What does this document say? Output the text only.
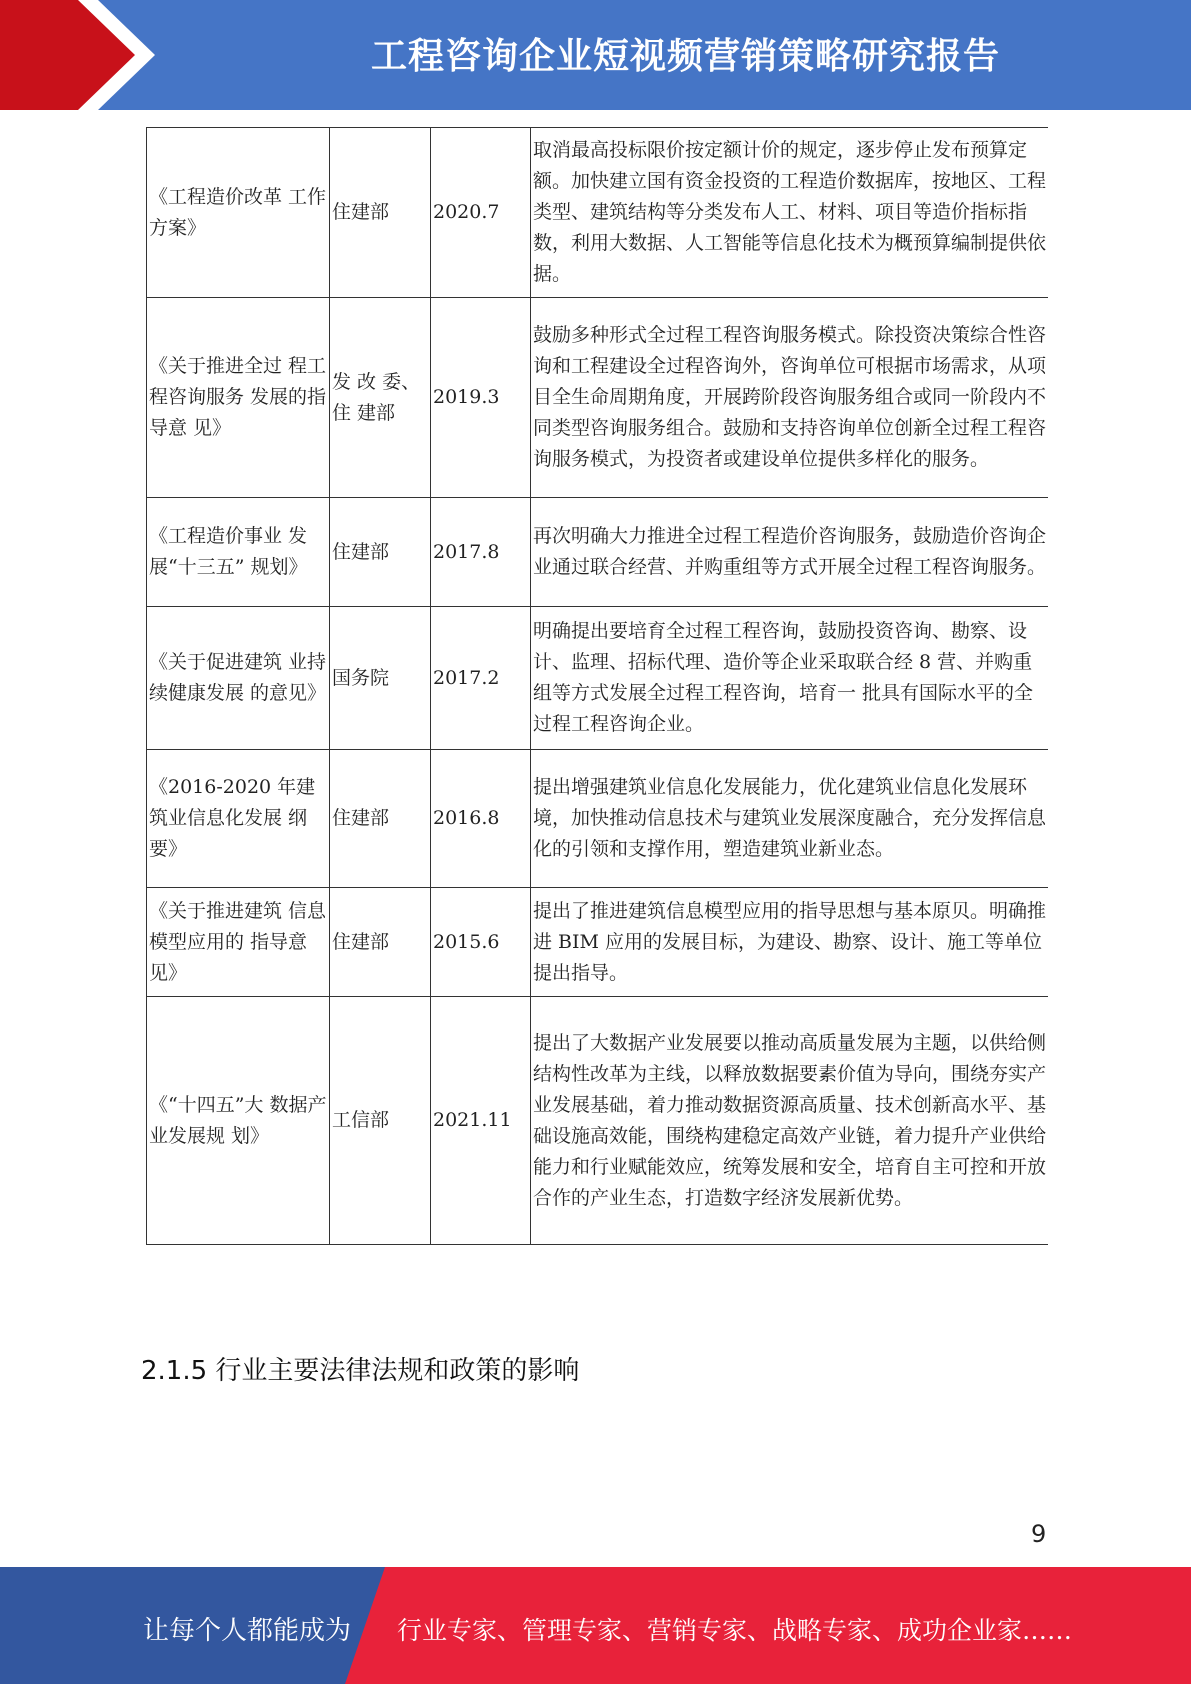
工程咨询企业短视频营销策略研究报告
《工程造价改革 工作方案》	住建部	2020.7	取消最高投标限价按定额计价的规定，逐步停止发布预算定额。加快建立国有资金投资的工程造价数据库，按地区、工程类型、建筑结构等分类发布人工、材料、项目等造价指标指数，利用大数据、人工智能等信息化技术为概预算编制提供依据。
《关于推进全过 程工程咨询服务 发展的指导意 见》	发 改 委、住 建部	2019.3	鼓励多种形式全过程工程咨询服务模式。除投资决策综合性咨询和工程建设全过程咨询外，咨询单位可根据市场需求，从项目全生命周期角度，开展跨阶段咨询服务组合或同一阶段内不同类型咨询服务组合。鼓励和支持咨询单位创新全过程工程咨询服务模式，为投资者或建设单位提供多样化的服务。
《工程造价事业 发展“十三五” 规划》	住建部	2017.8	再次明确大力推进全过程工程造价咨询服务，鼓励造价咨询企业通过联合经营、并购重组等方式开展全过程工程咨询服务。
《关于促进建筑 业持续健康发展 的意见》	国务院	2017.2	明确提出要培育全过程工程咨询，鼓励投资咨询、勘察、设计、监理、招标代理、造价等企业采取联合经 8 营、并购重组等方式发展全过程工程咨询，培育一 批具有国际水平的全过程工程咨询企业。
《2016-2020 年建筑业信息化发展 纲要》	住建部	2016.8	提出增强建筑业信息化发展能力，优化建筑业信息化发展环境，加快推动信息技术与建筑业发展深度融合，充分发挥信息化的引领和支撑作用，塑造建筑业新业态。
《关于推进建筑 信息模型应用的 指导意见》	住建部	2015.6	提出了推进建筑信息模型应用的指导思想与基本原贝。明确推进 BIM 应用的发展目标，为建设、勘察、设计、施工等单位提出指导。
《“十四五”大 数据产业发展规 划》	工信部	2021.11	提出了大数据产业发展要以推动高质量发展为主题，以供给侧结构性改革为主线，以释放数据要素价值为导向，围绕夯实产业发展基础，着力推动数据资源高质量、技术创新高水平、基础设施高效能，围绕构建稳定高效产业链，着力提升产业供给能力和行业赋能效应，统筹发展和安全，培育自主可控和开放合作的产业生态，打造数字经济发展新优势。
2.1.5 行业主要法律法规和政策的影响
9
让每个人都能成为 行业专家、管理专家、营销专家、战略专家、成功企业家……
